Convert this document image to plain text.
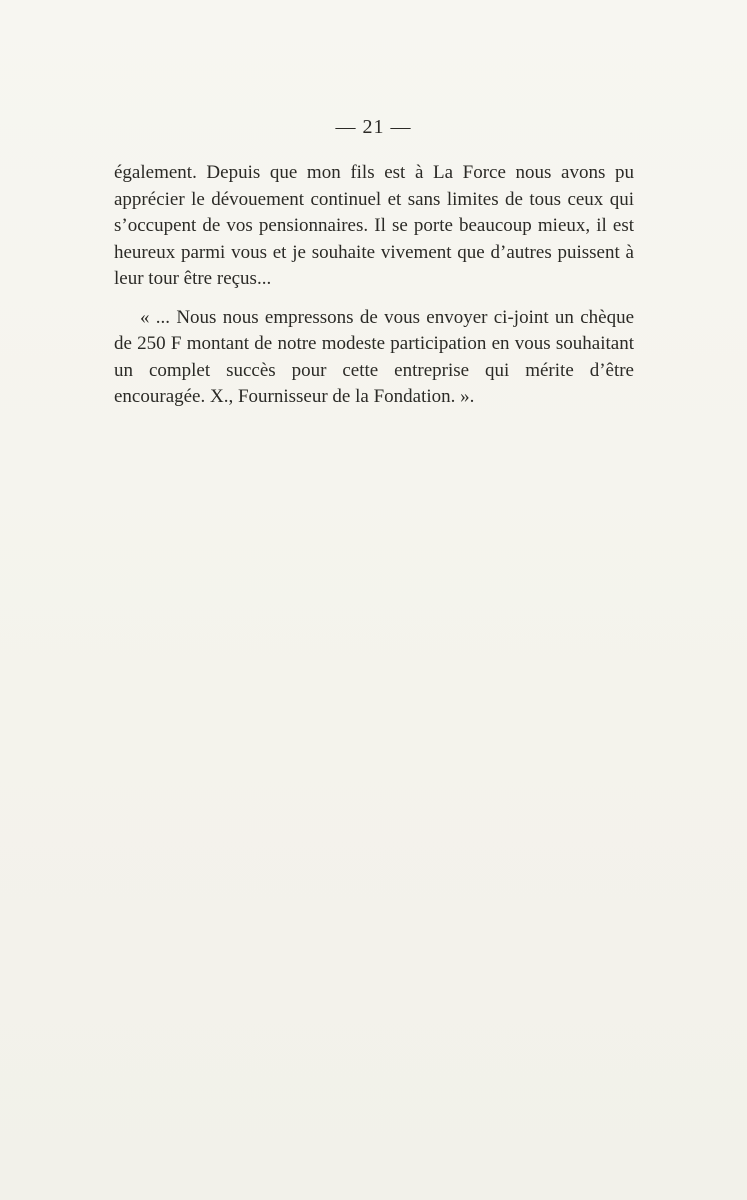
— 21 —

également. Depuis que mon fils est à La Force nous avons pu apprécier le dévouement continuel et sans limites de tous ceux qui s’occupent de vos pensionnaires. Il se porte beaucoup mieux, il est heureux parmi vous et je souhaite vivement que d’autres puissent à leur tour être reçus...

« ... Nous nous empressons de vous envoyer ci-joint un chèque de 250 F montant de notre modeste participation en vous souhaitant un complet succès pour cette entreprise qui mérite d’être encouragée. X., Fournisseur de la Fondation. ».
